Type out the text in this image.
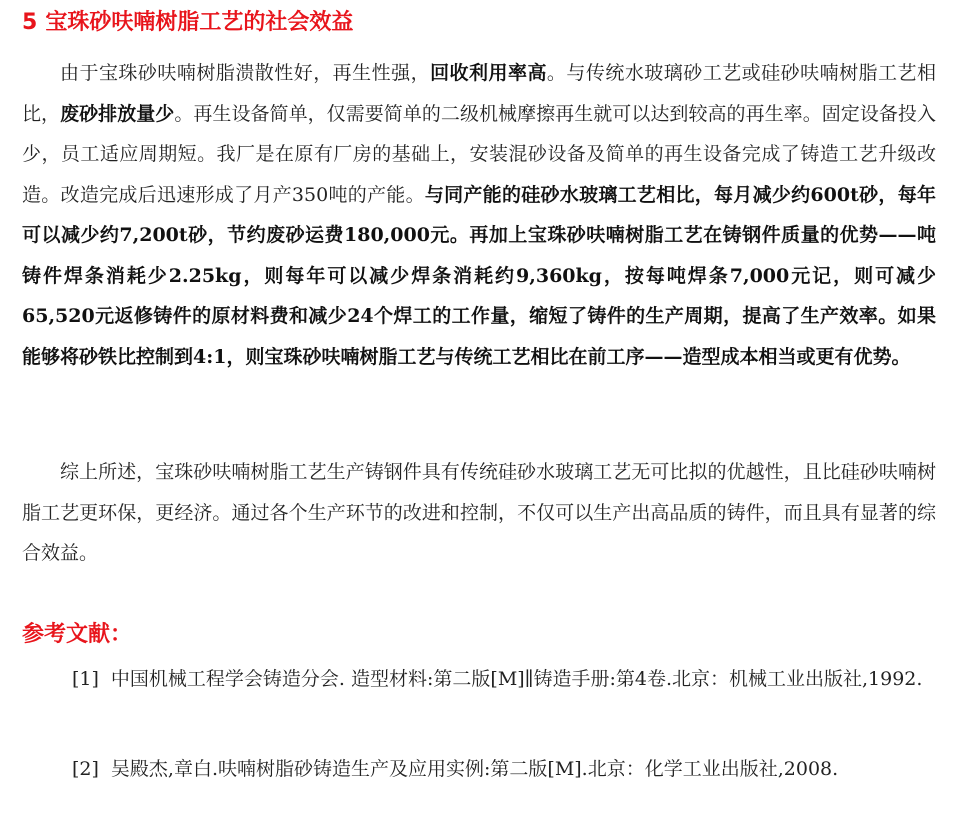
5 宝珠砂呋喃树脂工艺的社会效益

由于宝珠砂呋喃树脂溃散性好，再生性强，回收利用率高。与传统水玻璃砂工艺或硅砂呋喃树脂工艺相比，废砂排放量少。再生设备简单，仅需要简单的二级机械摩擦再生就可以达到较高的再生率。固定设备投入少，员工适应周期短。我厂是在原有厂房的基础上，安装混砂设备及简单的再生设备完成了铸造工艺升级改造。改造完成后迅速形成了月产350吨的产能。与同产能的硅砂水玻璃工艺相比，每月减少约600t砂，每年可以减少约7,200t砂，节约废砂运费180,000元。再加上宝珠砂呋喃树脂工艺在铸钢件质量的优势——吨铸件焊条消耗少2.25kg，则每年可以减少焊条消耗约9,360kg，按每吨焊条7,000元记，则可减少65,520元返修铸件的原材料费和减少24个焊工的工作量，缩短了铸件的生产周期，提高了生产效率。如果能够将砂铁比控制到4:1，则宝珠砂呋喃树脂工艺与传统工艺相比在前工序——造型成本相当或更有优势。

综上所述，宝珠砂呋喃树脂工艺生产铸钢件具有传统硅砂水玻璃工艺无可比拟的优越性，且比硅砂呋喃树脂工艺更环保，更经济。通过各个生产环节的改进和控制，不仅可以生产出高品质的铸件，而且具有显著的综合效益。

参考文献：

[1] 中国机械工程学会铸造分会. 造型材料:第二版[M]∥铸造手册:第4卷.北京：机械工业出版社,1992.

[2] 吴殿杰,章白.呋喃树脂砂铸造生产及应用实例:第二版[M].北京：化学工业出版社,2008.
